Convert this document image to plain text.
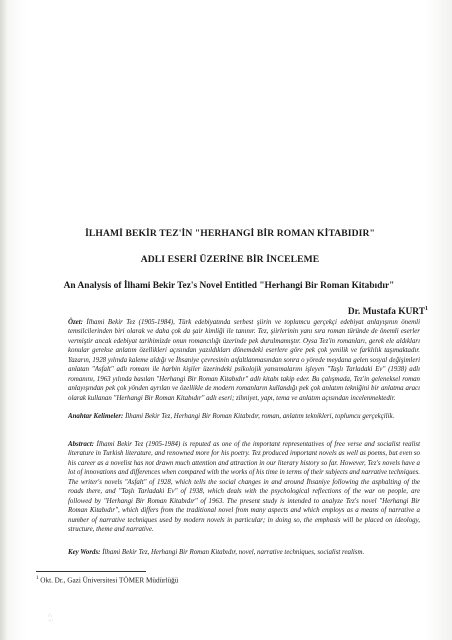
İLHAMİ BEKİR TEZ'İN "HERHANGİ BİR ROMAN KİTABIDIR"
ADLI ESERİ ÜZERİNE BİR İNCELEME
An Analysis of İlhami Bekir Tez's Novel Entitled "Herhangi Bir Roman Kitabıdır"
Dr. Mustafa KURT$^1$
Özet: İlhami Bekir Tez (1905-1984), Türk edebiyatında serbest şiirin ve toplumcu gerçekçi edebiyat anlayışının önemli temsilcilerinden biri olarak ve daha çok da şair kimliği ile tanınır. Tez, şiirlerinin yanı sıra roman türünde de önemli eserler vermiştir ancak edebiyat tarihimizde onun romancılığı üzerinde pek durulmamıştır. Oysa Tez'in romanları, gerek ele aldıkları konular gerekse anlatım özellikleri açısından yazıldıkları dönemdeki eserlere göre pek çok yenilik ve farklılık taşımaktadır. Yazarın, 1928 yılında kaleme aldığı ve İhsaniye çevresinin asfaltlanmasından sonra o yörede meydana gelen sosyal değişimleri anlatan "Asfalt" adlı romanı ile harbin kişiler üzerindeki psikolojik yansımalarını işleyen "Taşlı Tarladaki Ev" (1938) adlı romanını, 1963 yılında basılan "Herhangi Bir Roman Kitabıdır" adlı kitabı takip eder. Bu çalışmada, Tez'in geleneksel roman anlayışından pek çok yönden ayrılan ve özellikle de modern romanların kullandığı pek çok anlatım tekniğini bir anlatma aracı olarak kullanan "Herhangi Bir Roman Kitabıdır" adlı eseri; zihniyet, yapı, tema ve anlatım açısından incelenmektedir.
Anahtar Kelimeler: İlhami Bekir Tez, Herhangi Bir Roman Kitabıdır, roman, anlatım teknikleri, toplumcu gerçekçilik.
Abstract: İlhami Bekir Tez (1905-1984) is reputed as one of the important representatives of free verse and socialist realist literature in Turkish literature, and renowned more for his poetry. Tez produced important novels as well as poems, but even so his career as a novelist has not drawn much attention and attraction in our literary history so far. However, Tez's novels have a lot of innovations and differences when compared with the works of his time in terms of their subjects and narrative techniques. The writer's novels "Asfalt" of 1928, which tells the social changes in and around İhsaniye following the asphalting of the roads there, and "Taşlı Tarladaki Ev" of 1938, which deals with the psychological reflections of the war on people, are followed by "Herhangi Bir Roman Kitabıdır" of 1963. The present study is intended to analyze Tez's novel "Herhangi Bir Roman Kitabıdır", which differs from the traditional novel from many aspects and which employs as a means of narrative a number of narrative techniques used by modern novels in particular; in doing so, the emphasis will be placed on ideology, structure, theme and narrative.
Key Words: İlhami Bekir Tez, Herhangi Bir Roman Kitabıdır, novel, narrative techniques, socialist realism.
$^1$ Okt. Dr., Gazi Üniversitesi TÖMER Müdürlüğü
∴
·:·
